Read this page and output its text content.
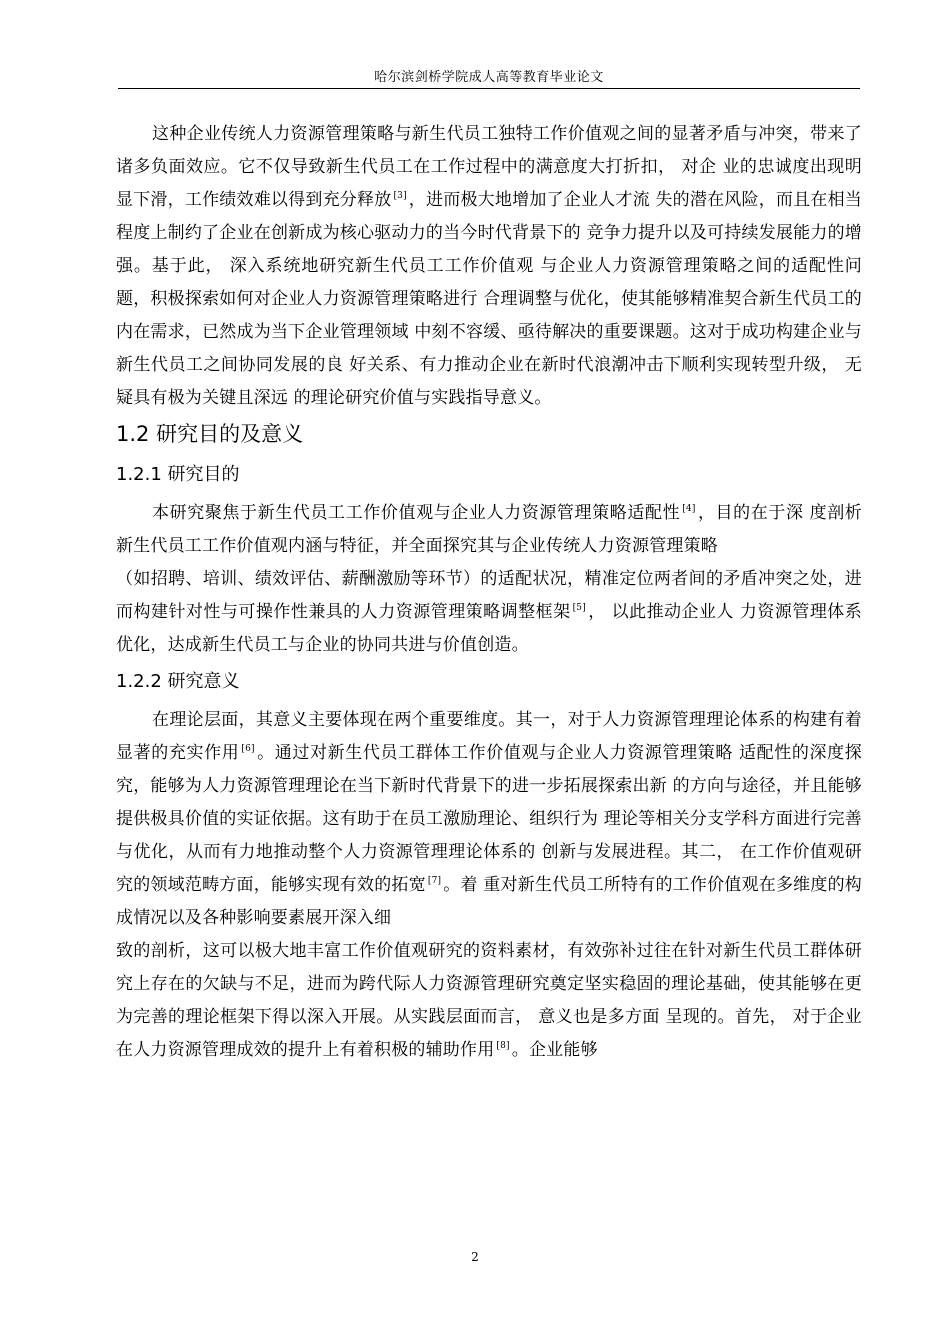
哈尔滨剑桥学院成人高等教育毕业论文

这种企业传统人力资源管理策略与新生代员工独特工作价值观之间的显著矛盾与冲突，带来了诸多负面效应。它不仅导致新生代员工在工作过程中的满意度大打折扣， 对企 业的忠诚度出现明显下滑，工作绩效难以得到充分释放 [3] ，进而极大地增加了企业人才流 失的潜在风险，而且在相当程度上制约了企业在创新成为核心驱动力的当今时代背景下的 竞争力提升以及可持续发展能力的增强。基于此， 深入系统地研究新生代员工工作价值观 与企业人力资源管理策略之间的适配性问题，积极探索如何对企业人力资源管理策略进行 合理调整与优化，使其能够精准契合新生代员工的内在需求，已然成为当下企业管理领域 中刻不容缓、亟待解决的重要课题。这对于成功构建企业与新生代员工之间协同发展的良 好关系、有力推动企业在新时代浪潮冲击下顺利实现转型升级， 无疑具有极为关键且深远 的理论研究价值与实践指导意义。

1.2 研究目的及意义
1.2.1 研究目的

本研究聚焦于新生代员工工作价值观与企业人力资源管理策略适配性 [4] ，目的在于深 度剖析新生代员工工作价值观内涵与特征，并全面探究其与企业传统人力资源管理策略

（如招聘、培训、绩效评估、薪酬激励等环节）的适配状况，精准定位两者间的矛盾冲突之处，进而构建针对性与可操作性兼具的人力资源管理策略调整框架 [5] ， 以此推动企业人 力资源管理体系优化，达成新生代员工与企业的协同共进与价值创造。

1.2.2 研究意义

在理论层面，其意义主要体现在两个重要维度。其一，对于人力资源管理理论体系的构建有着显著的充实作用 [6] 。通过对新生代员工群体工作价值观与企业人力资源管理策略 适配性的深度探究，能够为人力资源管理理论在当下新时代背景下的进一步拓展探索出新 的方向与途径，并且能够提供极具价值的实证依据。这有助于在员工激励理论、组织行为 理论等相关分支学科方面进行完善与优化，从而有力地推动整个人力资源管理理论体系的 创新与发展进程。其二， 在工作价值观研究的领域范畴方面，能够实现有效的拓宽 [7] 。着 重对新生代员工所特有的工作价值观在多维度的构成情况以及各种影响要素展开深入细

致的剖析，这可以极大地丰富工作价值观研究的资料素材，有效弥补过往在针对新生代员工群体研究上存在的欠缺与不足，进而为跨代际人力资源管理研究奠定坚实稳固的理论基础，使其能够在更为完善的理论框架下得以深入开展。从实践层面而言， 意义也是多方面 呈现的。首先， 对于企业在人力资源管理成效的提升上有着积极的辅助作用 [8] 。企业能够

2
